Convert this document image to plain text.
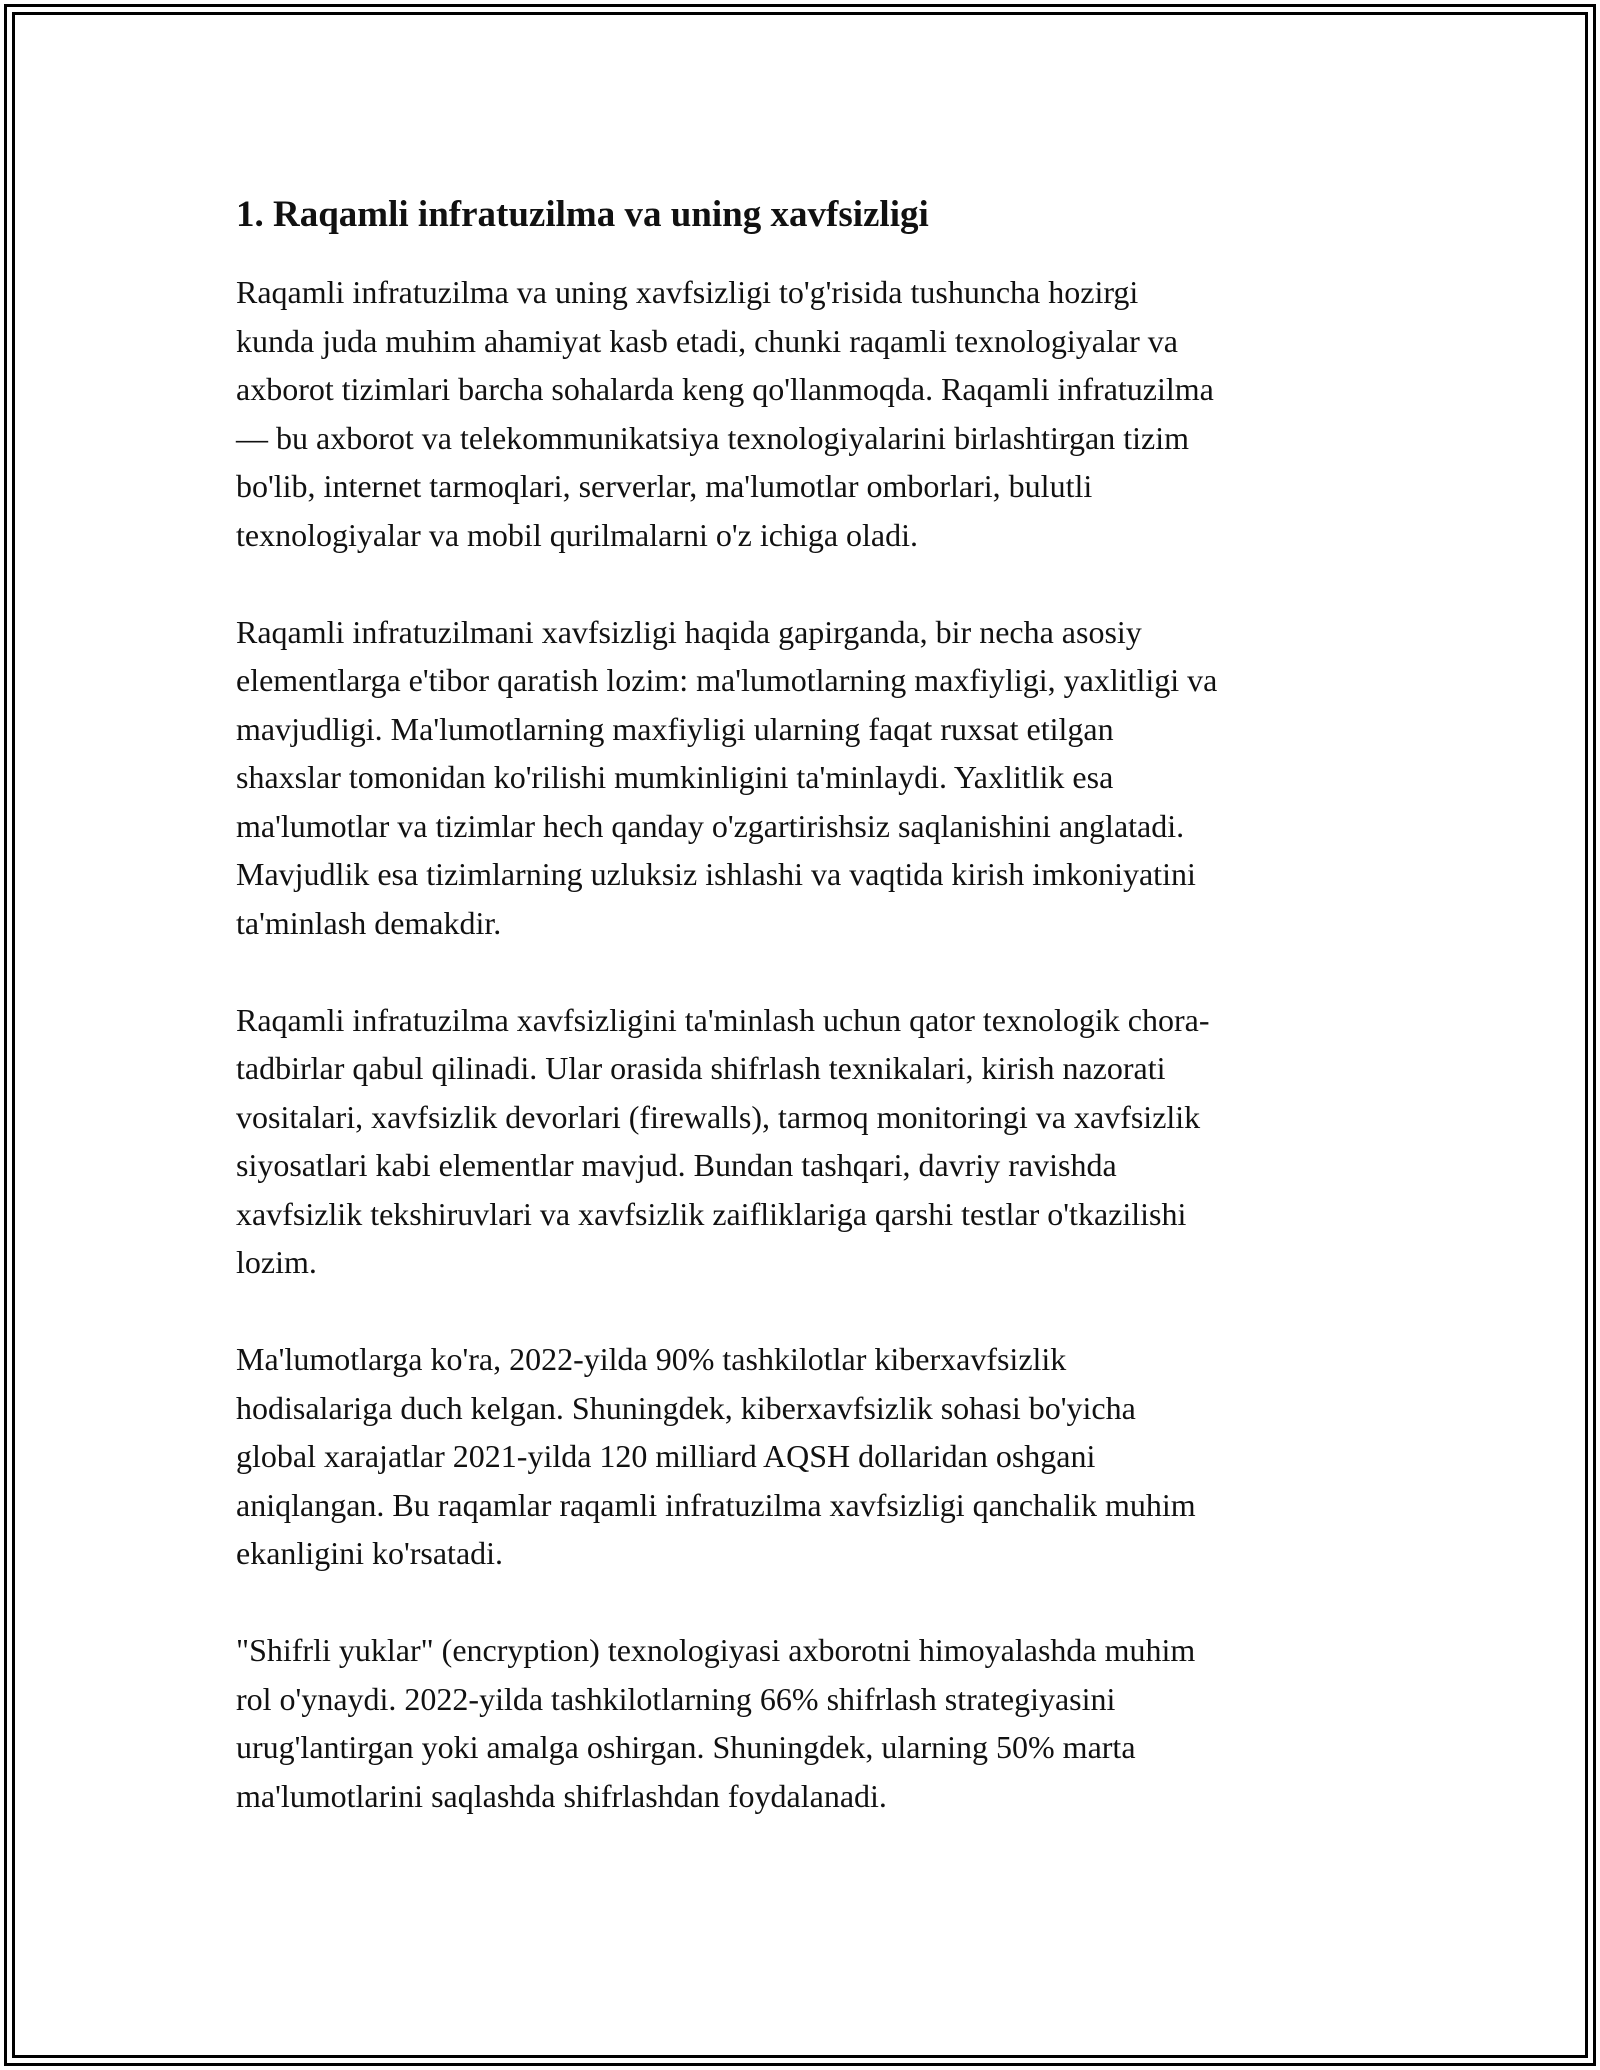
1. Raqamli infratuzilma va uning xavfsizligi
Raqamli infratuzilma va uning xavfsizligi to'g'risida tushuncha hozirgi
kunda juda muhim ahamiyat kasb etadi, chunki raqamli texnologiyalar va
axborot tizimlari barcha sohalarda keng qo'llanmoqda. Raqamli infratuzilma
— bu axborot va telekommunikatsiya texnologiyalarini birlashtirgan tizim
bo'lib, internet tarmoqlari, serverlar, ma'lumotlar omborlari, bulutli
texnologiyalar va mobil qurilmalarni o'z ichiga oladi.
Raqamli infratuzilmani xavfsizligi haqida gapirganda, bir necha asosiy
elementlarga e'tibor qaratish lozim: ma'lumotlarning maxfiyligi, yaxlitligi va
mavjudligi. Ma'lumotlarning maxfiyligi ularning faqat ruxsat etilgan
shaxslar tomonidan ko'rilishi mumkinligini ta'minlaydi. Yaxlitlik esa
ma'lumotlar va tizimlar hech qanday o'zgartirishsiz saqlanishini anglatadi.
Mavjudlik esa tizimlarning uzluksiz ishlashi va vaqtida kirish imkoniyatini
ta'minlash demakdir.
Raqamli infratuzilma xavfsizligini ta'minlash uchun qator texnologik chora-
tadbirlar qabul qilinadi. Ular orasida shifrlash texnikalari, kirish nazorati
vositalari, xavfsizlik devorlari (firewalls), tarmoq monitoringi va xavfsizlik
siyosatlari kabi elementlar mavjud. Bundan tashqari, davriy ravishda
xavfsizlik tekshiruvlari va xavfsizlik zaifliklariga qarshi testlar o'tkazilishi
lozim.
Ma'lumotlarga ko'ra, 2022-yilda 90% tashkilotlar kiberxavfsizlik
hodisalariga duch kelgan. Shuningdek, kiberxavfsizlik sohasi bo'yicha
global xarajatlar 2021-yilda 120 milliard AQSH dollaridan oshgani
aniqlangan. Bu raqamlar raqamli infratuzilma xavfsizligi qanchalik muhim
ekanligini ko'rsatadi.
"Shifrli yuklar" (encryption) texnologiyasi axborotni himoyalashda muhim
rol o'ynaydi. 2022-yilda tashkilotlarning 66% shifrlash strategiyasini
urug'lantirgan yoki amalga oshirgan. Shuningdek, ularning 50% marta
ma'lumotlarini saqlashda shifrlashdan foydalanadi.
